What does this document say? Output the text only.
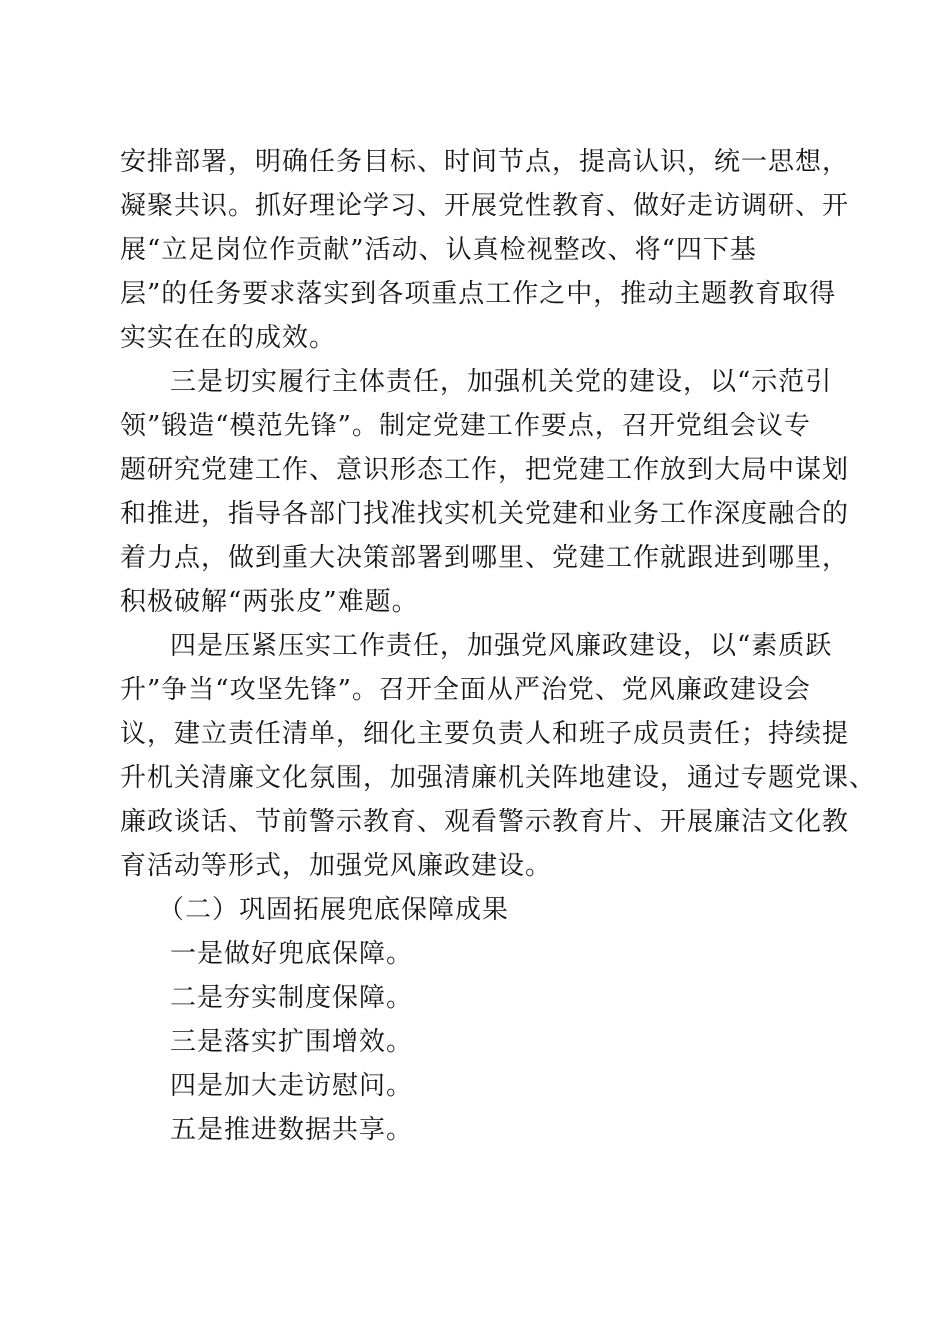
安排部署，明确任务目标、时间节点，提高认识，统一思想，
凝聚共识。抓好理论学习、开展党性教育、做好走访调研、开
展“立足岗位作贡献”活动、认真检视整改、将“四下基
层”的任务要求落实到各项重点工作之中，推动主题教育取得
实实在在的成效。
三是切实履行主体责任，加强机关党的建设，以“示范引
领”锻造“模范先锋”。制定党建工作要点，召开党组会议专
题研究党建工作、意识形态工作，把党建工作放到大局中谋划
和推进，指导各部门找准找实机关党建和业务工作深度融合的
着力点，做到重大决策部署到哪里、党建工作就跟进到哪里，
积极破解“两张皮”难题。
四是压紧压实工作责任，加强党风廉政建设，以“素质跃
升”争当“攻坚先锋”。召开全面从严治党、党风廉政建设会
议，建立责任清单，细化主要负责人和班子成员责任；持续提
升机关清廉文化氛围，加强清廉机关阵地建设，通过专题党课、
廉政谈话、节前警示教育、观看警示教育片、开展廉洁文化教
育活动等形式，加强党风廉政建设。
（二）巩固拓展兜底保障成果
一是做好兜底保障。
二是夯实制度保障。
三是落实扩围增效。
四是加大走访慰问。
五是推进数据共享。
